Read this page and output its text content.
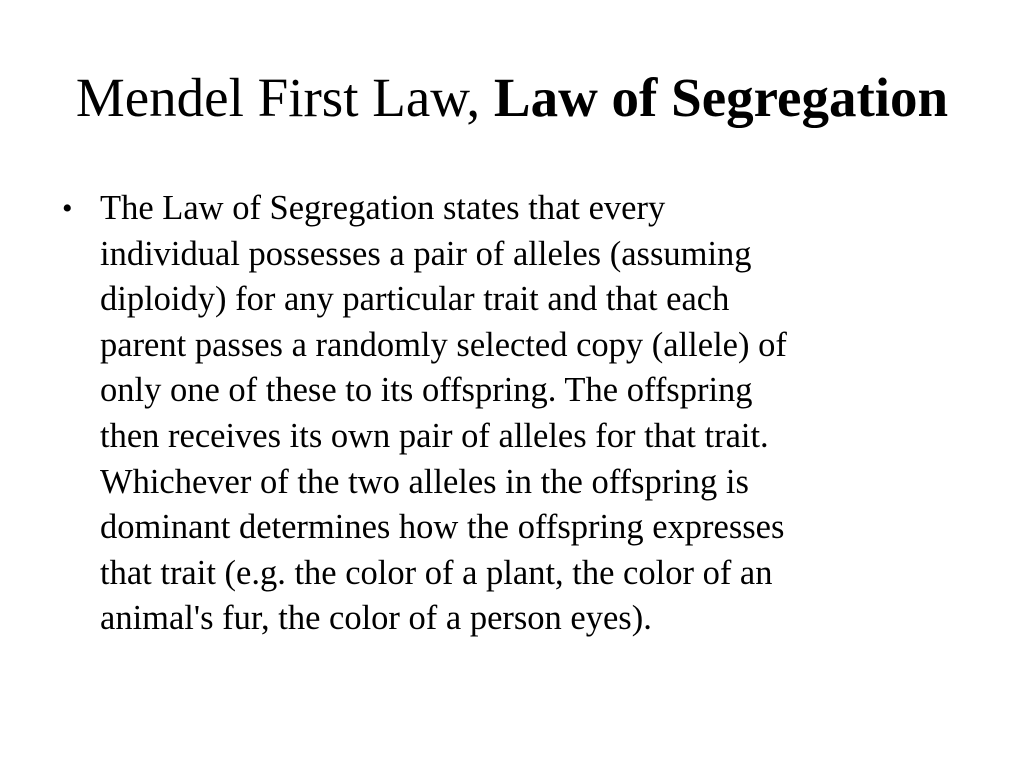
Mendel First Law, Law of Segregation
• The Law of Segregation states that every
individual possesses a pair of alleles (assuming
diploidy) for any particular trait and that each
parent passes a randomly selected copy (allele) of
only one of these to its offspring. The offspring
then receives its own pair of alleles for that trait.
Whichever of the two alleles in the offspring is
dominant determines how the offspring expresses
that trait (e.g. the color of a plant, the color of an
animal's fur, the color of a person eyes).
